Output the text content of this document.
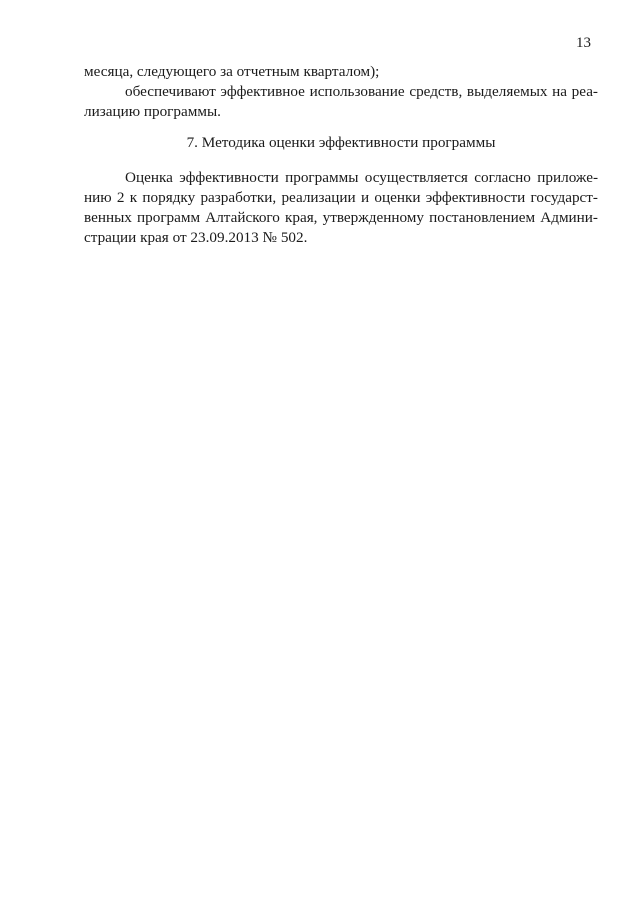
13
месяца, следующего за отчетным кварталом);
обеспечивают эффективное использование средств, выделяемых на реа-
лизацию программы.
7. Методика оценки эффективности программы
Оценка эффективности программы осуществляется согласно приложе-
нию 2 к порядку разработки, реализации и оценки эффективности государст-
венных программ Алтайского края, утвержденному постановлением Админи-
страции края от 23.09.2013 № 502.
